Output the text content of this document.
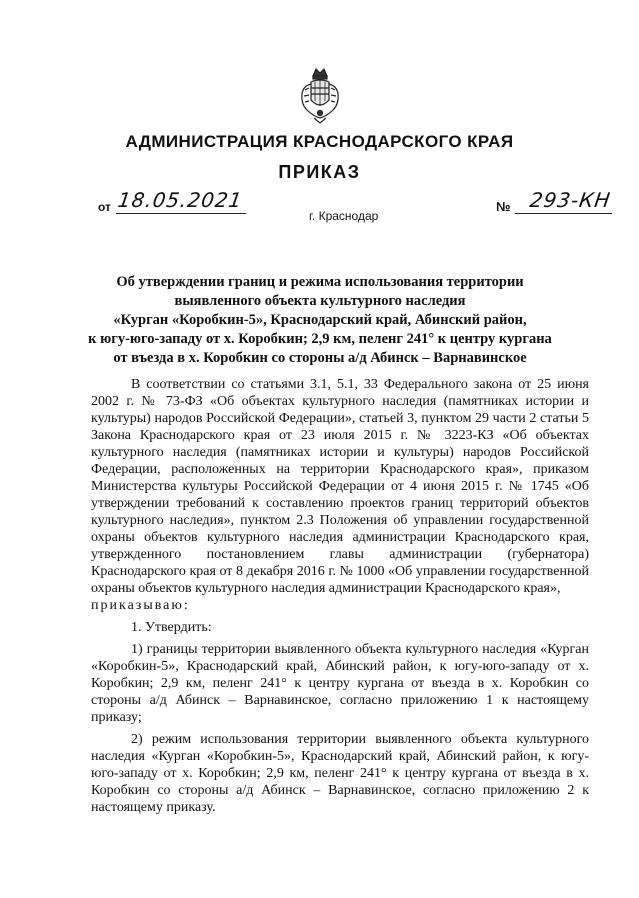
АДМИНИСТРАЦИЯ КРАСНОДАРСКОГО КРАЯ
ПРИКАЗ
от 18.05.2021
г. Краснодар
№ 293-КН
Об утверждении границ и режима использования территории
выявленного объекта культурного наследия
«Курган «Коробкин-5», Краснодарский край, Абинский район,
к югу-юго-западу от х. Коробкин; 2,9 км, пеленг 241° к центру кургана
от въезда в х. Коробкин со стороны а/д Абинск – Варнавинское

В соответствии со статьями 3.1, 5.1, 33 Федерального закона от 25 июня 2002 г. № 73-ФЗ «Об объектах культурного наследия (памятниках истории и культуры) народов Российской Федерации», статьей 3, пунктом 29 части 2 статьи 5 Закона Краснодарского края от 23 июля 2015 г. № 3223-КЗ «Об объектах культурного наследия (памятниках истории и культуры) народов Российской Федерации, расположенных на территории Краснодарского края», приказом Министерства культуры Российской Федерации от 4 июня 2015 г. № 1745 «Об утверждении требований к составлению проектов границ территорий объектов культурного наследия», пунктом 2.3 Положения об управлении государственной охраны объектов культурного наследия администрации Краснодарского края, утвержденного постановлением главы администрации (губернатора) Краснодарского края от 8 декабря 2016 г. № 1000 «Об управлении государственной охраны объектов культурного наследия администрации Краснодарского края»,
приказываю:

1. Утвердить:

1) границы территории выявленного объекта культурного наследия «Курган «Коробкин-5», Краснодарский край, Абинский район, к югу-юго-западу от х. Коробкин; 2,9 км, пеленг 241° к центру кургана от въезда в х. Коробкин со стороны а/д Абинск – Варнавинское, согласно приложению 1 к настоящему приказу;

2) режим использования территории выявленного объекта культурного наследия «Курган «Коробкин-5», Краснодарский край, Абинский район, к югу-юго-западу от х. Коробкин; 2,9 км, пеленг 241° к центру кургана от въезда в х. Коробкин со стороны а/д Абинск – Варнавинское, согласно приложению 2 к настоящему приказу.
